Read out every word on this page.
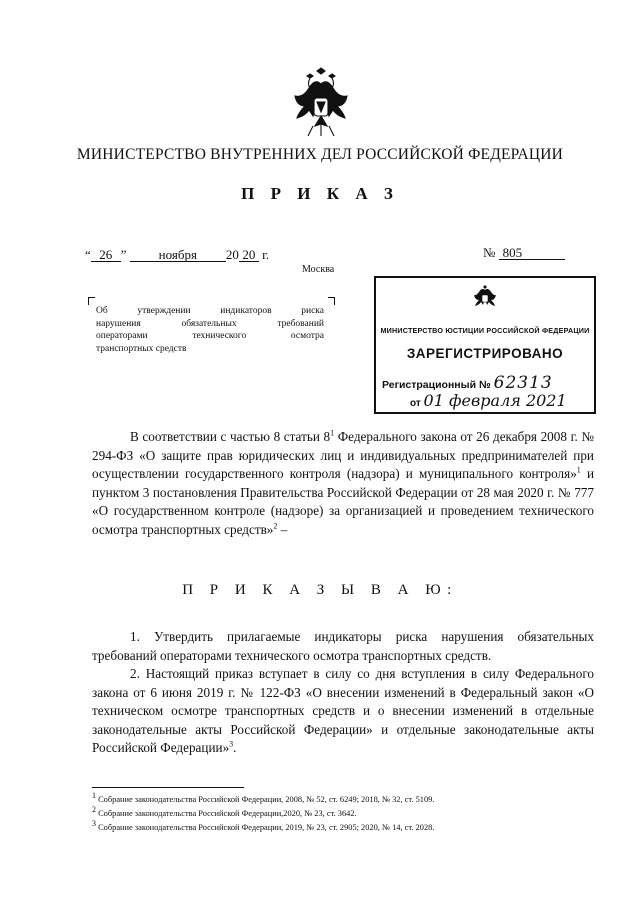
МИНИСТЕРСТВО ВНУТРЕННИХ ДЕЛ РОССИЙСКОЙ ФЕДЕРАЦИИ
П Р И К А З
“ 26 ” ноября 20 20 г.	№ 805
Москва
Об утверждении индикаторов риска
нарушения обязательных требований
операторами технического осмотра
транспортных средств
МИНИСТЕРСТВО ЮСТИЦИИ РОССИЙСКОЙ ФЕДЕРАЦИИ
ЗАРЕГИСТРИРОВАНО
Регистрационный № 62313
от 01 февраля 2021
В соответствии с частью 8 статьи $8^1$ Федерального закона от 26 декабря 2008 г. № 294-ФЗ «О защите прав юридических лиц и индивидуальных предпринимателей при осуществлении государственного контроля (надзора) и муниципального контроля»$^1$ и пунктом 3 постановления Правительства Российской Федерации от 28 мая 2020 г. № 777 «О государственном контроле (надзоре) за организацией и проведением технического осмотра транспортных средств»$^2$ –
П Р И К А З Ы В А Ю:
1. Утвердить прилагаемые индикаторы риска нарушения обязательных требований операторами технического осмотра транспортных средств.
2. Настоящий приказ вступает в силу со дня вступления в силу Федерального закона от 6 июня 2019 г. № 122-ФЗ «О внесении изменений в Федеральный закон «О техническом осмотре транспортных средств и о внесении изменений в отдельные законодательные акты Российской Федерации» и отдельные законодательные акты Российской Федерации»$^3$.
$^1$ Собрание законодательства Российской Федерации, 2008, № 52, ст. 6249; 2018, № 32, ст. 5109.
$^2$ Собрание законодательства Российской Федерации,2020, № 23, ст. 3642.
$^3$ Собрание законодательства Российской Федерации, 2019, № 23, ст. 2905; 2020, № 14, ст. 2028.
